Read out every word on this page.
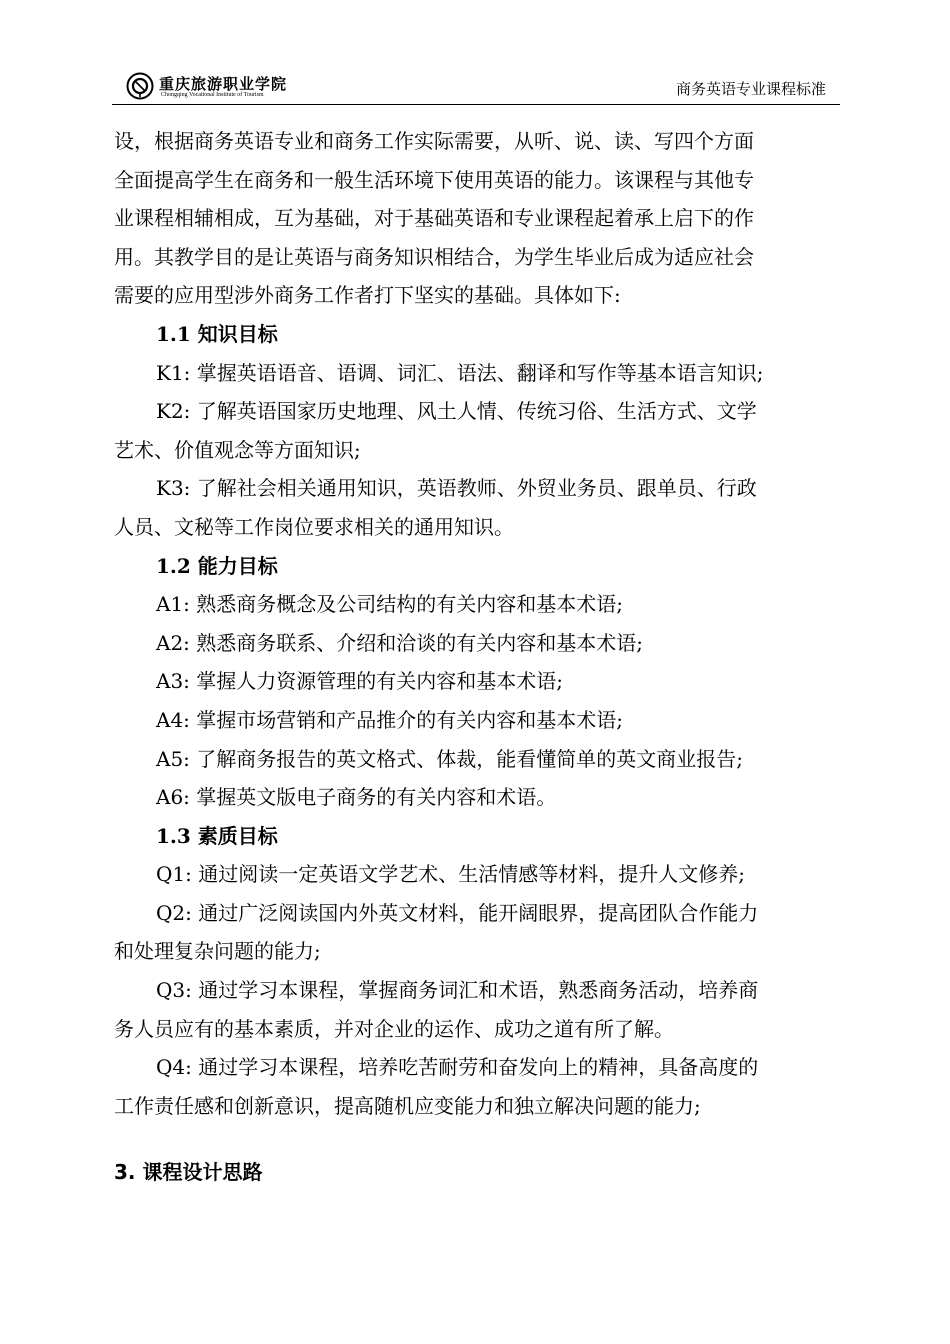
重庆旅游职业学院
Chongqing Vocational Institute of Tourism	商务英语专业课程标准
设，根据商务英语专业和商务工作实际需要，从听、说、读、写四个方面
全面提高学生在商务和一般生活环境下使用英语的能力。该课程与其他专
业课程相辅相成，互为基础，对于基础英语和专业课程起着承上启下的作
用。其教学目的是让英语与商务知识相结合，为学生毕业后成为适应社会
需要的应用型涉外商务工作者打下坚实的基础。具体如下:
1.1 知识目标
K1: 掌握英语语音、语调、词汇、语法、翻译和写作等基本语言知识;
K2: 了解英语国家历史地理、风土人情、传统习俗、生活方式、文学
艺术、价值观念等方面知识;
K3: 了解社会相关通用知识，英语教师、外贸业务员、跟单员、行政
人员、文秘等工作岗位要求相关的通用知识。
1.2 能力目标
A1: 熟悉商务概念及公司结构的有关内容和基本术语;
A2: 熟悉商务联系、介绍和洽谈的有关内容和基本术语;
A3: 掌握人力资源管理的有关内容和基本术语;
A4: 掌握市场营销和产品推介的有关内容和基本术语;
A5: 了解商务报告的英文格式、体裁，能看懂简单的英文商业报告;
A6: 掌握英文版电子商务的有关内容和术语。
1.3 素质目标
Q1: 通过阅读一定英语文学艺术、生活情感等材料，提升人文修养;
Q2: 通过广泛阅读国内外英文材料，能开阔眼界，提高团队合作能力
和处理复杂问题的能力;
Q3: 通过学习本课程，掌握商务词汇和术语，熟悉商务活动，培养商
务人员应有的基本素质，并对企业的运作、成功之道有所了解。
Q4: 通过学习本课程，培养吃苦耐劳和奋发向上的精神，具备高度的
工作责任感和创新意识，提高随机应变能力和独立解决问题的能力;
3. 课程设计思路
